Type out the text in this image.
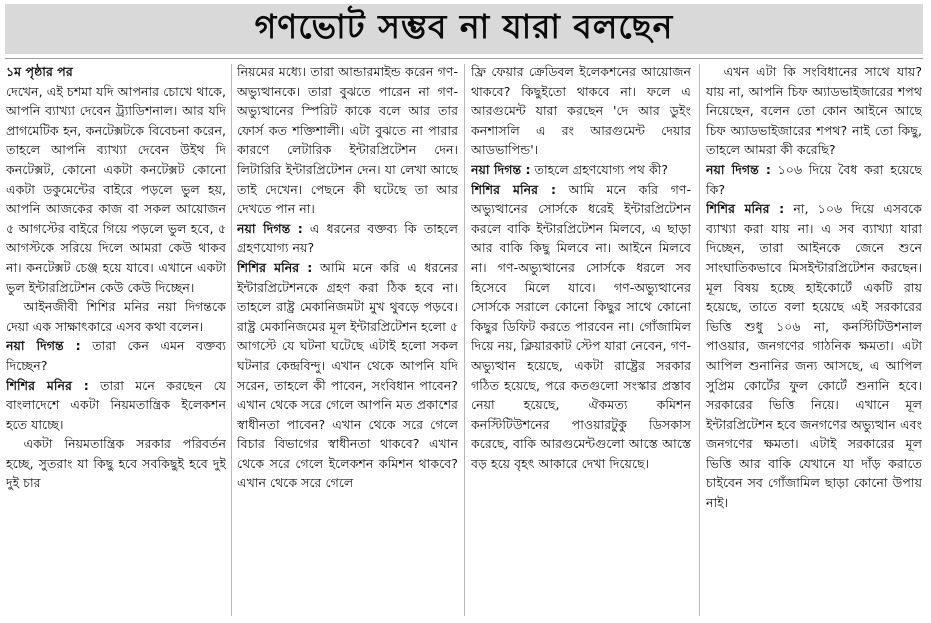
গণভোট সম্ভব না যারা বলছেন

১ম পৃষ্ঠার পর

দেখেন, এই চশমা যদি আপনার চোখে থাকে, আপনি ব্যাখ্যা দেবেন ট্র্যাডিশনাল। আর যদি প্রাগমেটিক হন, কনটেক্সটকে বিবেচনা করেন, তাহলে আপনি ব্যাখ্যা দেবেন উইথ দি কনটেক্সট, কোনো একটা কনটেক্সট কোনো একটা ডকুমেন্টের বাইরে পড়লে ভুল হয়, আপনি আজকের কাজ বা সকল আয়োজন ৫ আগস্টের বাইরে গিয়ে পড়লে ভুল হবে, ৫ আগস্টকে সরিয়ে দিলে আমরা কেউ থাকব না। কনটেক্সট চেঞ্জ হয়ে যাবে। এখানে একটা ভুল ইন্টারপ্রিটেশন কেউ কেউ দিচ্ছেন।

আইনজীবী শিশির মনির নয়া দিগন্তকে দেয়া এক সাক্ষাৎকারে এসব কথা বলেন।

নয়া দিগন্ত : তারা কেন এমন বক্তব্য দিচ্ছেন?

শিশির মনির : তারা মনে করছেন যে বাংলাদেশে একটা নিয়মতান্ত্রিক ইলেকশন হতে যাচ্ছে।

একটা নিয়মতান্ত্রিক সরকার পরিবর্তন হচ্ছে, সুতরাং যা কিছু হবে সবকিছুই হবে দুই দুই চার

নিয়মের মধ্যে। তারা আন্ডারমাইন্ড করেন গণ-অভ্যুত্থানকে। তারা বুঝতে পারেন না গণ-অভ্যুত্থানের স্পিরিট কাকে বলে আর তার ফোর্স কত শক্তিশালী। এটা বুঝতে না পারার কারণে লেটারিক ইন্টারপ্রিটেশন দেন। লিটারিরি ইন্টারপ্রিটেশন দেন। যা লেখা আছে তাই দেখেন। পেছনে কী ঘটেছে তা আর দেখতে পান না।

নয়া দিগন্ত : এ ধরনের বক্তব্য কি তাহলে গ্রহণযোগ্য নয়?

শিশির মনির : আমি মনে করি এ ধরনের ইন্টারপ্রিটেশনকে গ্রহণ করা ঠিক হবে না। তাহলে রাষ্ট্র মেকানিজমটা মুখ থুবড়ে পড়বে। রাষ্ট্র মেকানিজমের মূল ইন্টারপ্রিটেশন হলো ৫ আগস্টে যে ঘটনা ঘটেছে এটাই হলো সকল ঘটনার কেন্দ্রবিন্দু। এখান থেকে আপনি যদি সরেন, তাহলে কী পাবেন, সংবিধান পাবেন? এখান থেকে সরে গেলে আপনি মত প্রকাশের স্বাধীনতা পাবেন? এখান থেকে সরে গেলে বিচার বিভাগের স্বাধীনতা থাকবে? এখান থেকে সরে গেলে ইলেকশন কমিশন থাকবে? এখান থেকে সরে গেলে

ফ্রি ফেয়ার ক্রেডিবল ইলেকশনের আয়োজন থাকবে? কিছুইতো থাকবে না। ফলে এ আরগুমেন্ট যারা করছেন 'দে আর ডুইং কনশাসলি এ রং আরগুমেন্ট দেয়ার আডভাপিন্ড'।

নয়া দিগন্ত : তাহলে গ্রহণযোগ্য পথ কী?

শিশির মনির : আমি মনে করি গণ-অভ্যুত্থানের সোর্সকে ধরেই ইন্টারপ্রিটেশন করলে বাকি ইন্টারপ্রিটেশন মিলবে, এ ছাড়া আর বাকি কিছু মিলবে না। আইনে মিলবে না। গণ-অভ্যুত্থানের সোর্সকে ধরলে সব হিসেবে মিলে যাবে। গণ-অভ্যুত্থানের সোর্সকে সরালে কোনো কিছুর সাথে কোনো কিছুর ডিফিট করতে পারবেন না। গোঁজামিল দিয়ে নয়, ক্লিয়ারকাট স্টেপ যারা নেবেন, গণ-অভ্যুত্থান হয়েছে, একটা রাষ্ট্রের সরকার গঠিত হয়েছে, পরে কতগুলো সংস্কার প্রস্তাব নেয়া হয়েছে, ঐকমত্য কমিশন কনস্টিটিউশনের পাওয়ারটুকু ডিসকাস করেছে, বাকি আরগুমেন্টগুলো আস্তে আস্তে বড় হয়ে বৃহৎ আকারে দেখা দিয়েছে।

এখন এটা কি সংবিধানের সাথে যায়? যায় না, আপনি চিফ অ্যাডভাইজারের শপথ নিয়েছেন, বলেন তো কোন আইনে আছে চিফ অ্যাডভাইজারের শপথ? নাই তো কিছু, তাহলে আমরা কী করেছি?

নয়া দিগন্ত : ১০৬ দিয়ে বৈধ করা হয়েছে কি?

শিশির মনির : না, ১০৬ দিয়ে এসবকে ব্যাখ্যা করা যায় না। এ সব ব্যাখ্যা যারা দিচ্ছেন, তারা আইনকে জেনে শুনে সাংঘাতিকভাবে মিসইন্টারপ্রিটেশন করছেন। মূল বিষয় হচ্ছে হাইকোর্টে একটি রায় হয়েছে, তাতে বলা হয়েছে এই সরকারের ভিত্তি শুধু ১০৬ না, কনস্টিটিউশনাল পাওয়ার, জনগণের গাঠনিক ক্ষমতা। এটা আপিল শুনানির জন্য আসছে, এ আপিল সুপ্রিম কোর্টের ফুল কোর্টে শুনানি হবে। সরকারের ভিত্তি নিয়ে। এখানে মূল ইন্টারপ্রিটেশন হবে জনগণের অভ্যুত্থান এবং জনগণের ক্ষমতা। এটাই সরকারের মূল ভিত্তি আর বাকি যেখানে যা দাঁড় করাতে চাইবেন সব গোঁজামিল ছাড়া কোনো উপায় নাই।
